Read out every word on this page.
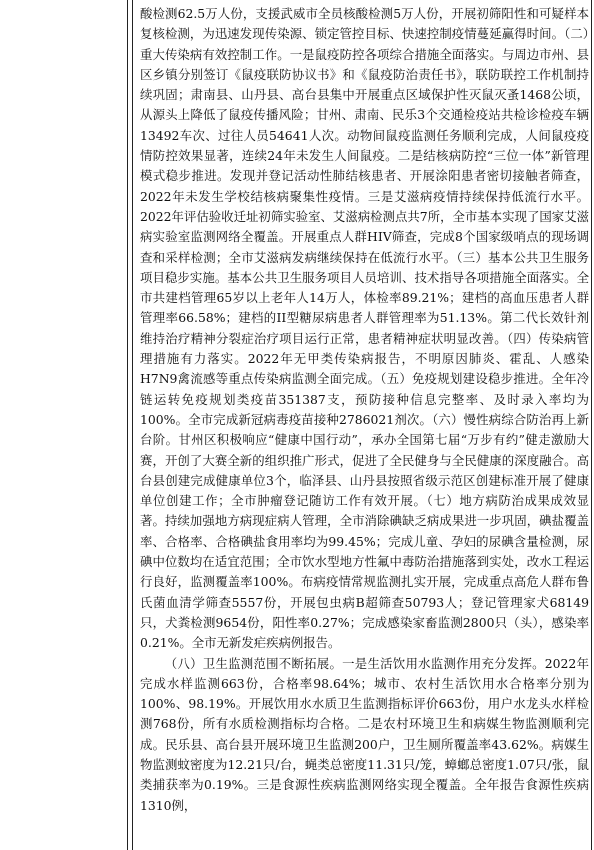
酸检测62.5万人份，支援武威市全员核酸检测5万人份，开展初筛阳性和可疑样本复核检测，为迅速发现传染源、锁定管控目标、快速控制疫情蔓延赢得时间。（二）重大传染病有效控制工作。一是鼠疫防控各项综合措施全面落实。与周边市州、县区乡镇分别签订《鼠疫联防协议书》和《鼠疫防治责任书》，联防联控工作机制持续巩固；肃南县、山丹县、高台县集中开展重点区域保护性灭鼠灭蚤1468公顷，从源头上降低了鼠疫传播风险；甘州、肃南、民乐3个交通检疫站共检诊检疫车辆13492车次、过往人员54641人次。动物间鼠疫监测任务顺利完成，人间鼠疫疫情防控效果显著，连续24年未发生人间鼠疫。二是结核病防控“三位一体”新管理模式稳步推进。发现并登记活动性肺结核患者、开展涂阳患者密切接触者筛查，2022年未发生学校结核病聚集性疫情。三是艾滋病疫情持续保持低流行水平。2022年评估验收迁址初筛实验室、艾滋病检测点共7所，全市基本实现了国家艾滋病实验室监测网络全覆盖。开展重点人群HIV筛查，完成8个国家级哨点的现场调查和采样检测；全市艾滋病发病继续保持在低流行水平。（三）基本公共卫生服务项目稳步实施。基本公共卫生服务项目人员培训、技术指导各项措施全面落实。全市共建档管理65岁以上老年人14万人，体检率89.21%；建档的高血压患者人群管理率66.58%；建档的II型糖尿病患者人群管理率为51.13%。第二代长效针剂维持治疗精神分裂症治疗项目运行正常，患者精神症状明显改善。（四）传染病管理措施有力落实。2022年无甲类传染病报告，不明原因肺炎、霍乱、人感染H7N9禽流感等重点传染病监测全面完成。（五）免疫规划建设稳步推进。全年冷链运转免疫规划类疫苗351387支，预防接种信息完整率、及时录入率均为100%。全市完成新冠病毒疫苗接种2786021剂次。（六）慢性病综合防治再上新台阶。甘州区积极响应“健康中国行动”，承办全国第七届“万步有约”健走激励大赛，开创了大赛全新的组织推广形式，促进了全民健身与全民健康的深度融合。高台县创建完成健康单位3个，临泽县、山丹县按照省级示范区创建标准开展了健康单位创建工作；全市肿瘤登记随访工作有效开展。（七）地方病防治成果成效显著。持续加强地方病现症病人管理，全市消除碘缺乏病成果进一步巩固，碘盐覆盖率、合格率、合格碘盐食用率均为99.45%；完成儿童、孕妇的尿碘含量检测，尿碘中位数均在适宜范围；全市饮水型地方性氟中毒防治措施落到实处，改水工程运行良好，监测覆盖率100%。布病疫情常规监测扎实开展，完成重点高危人群布鲁氏菌血清学筛查5557份，开展包虫病B超筛查50793人；登记管理家犬68149只，犬粪检测9654份，阳性率0.27%；完成感染家畜监测2800只（头），感染率0.21%。全市无新发疟疾病例报告。

（八）卫生监测范围不断拓展。一是生活饮用水监测作用充分发挥。2022年完成水样监测663份，合格率98.64%；城市、农村生活饮用水合格率分别为100%、98.19%。开展饮用水水质卫生监测指标评价663份，用户水龙头水样检测768份，所有水质检测指标均合格。二是农村环境卫生和病媒生物监测顺利完成。民乐县、高台县开展环境卫生监测200户，卫生厕所覆盖率43.62%。病媒生物监测蚊密度为12.21只/台，蝇类总密度11.31只/笼，蟑螂总密度1.07只/张，鼠类捕获率为0.19%。三是食源性疾病监测网络实现全覆盖。全年报告食源性疾病1310例，
